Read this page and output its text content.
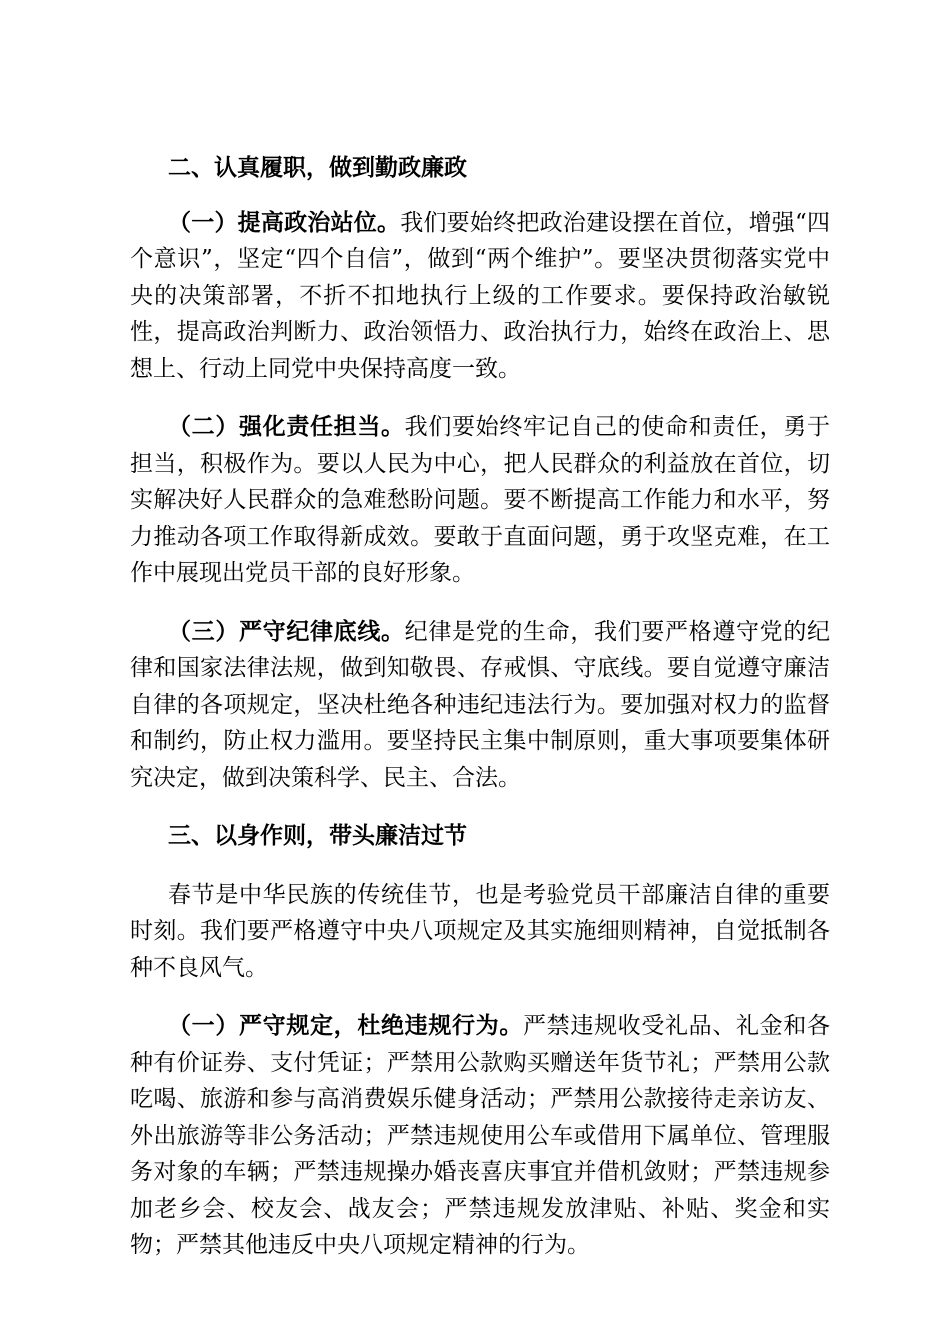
二、认真履职，做到勤政廉政

（一）提高政治站位。我们要始终把政治建设摆在首位，增强“四个意识”，坚定“四个自信”，做到“两个维护”。要坚决贯彻落实党中央的决策部署，不折不扣地执行上级的工作要求。要保持政治敏锐性，提高政治判断力、政治领悟力、政治执行力，始终在政治上、思想上、行动上同党中央保持高度一致。

（二）强化责任担当。我们要始终牢记自己的使命和责任，勇于担当，积极作为。要以人民为中心，把人民群众的利益放在首位，切实解决好人民群众的急难愁盼问题。要不断提高工作能力和水平，努力推动各项工作取得新成效。要敢于直面问题，勇于攻坚克难，在工作中展现出党员干部的良好形象。

（三）严守纪律底线。纪律是党的生命，我们要严格遵守党的纪律和国家法律法规，做到知敬畏、存戒惧、守底线。要自觉遵守廉洁自律的各项规定，坚决杜绝各种违纪违法行为。要加强对权力的监督和制约，防止权力滥用。要坚持民主集中制原则，重大事项要集体研究决定，做到决策科学、民主、合法。

三、以身作则，带头廉洁过节

春节是中华民族的传统佳节，也是考验党员干部廉洁自律的重要时刻。我们要严格遵守中央八项规定及其实施细则精神，自觉抵制各种不良风气。

（一）严守规定，杜绝违规行为。严禁违规收受礼品、礼金和各种有价证券、支付凭证；严禁用公款购买赠送年货节礼；严禁用公款吃喝、旅游和参与高消费娱乐健身活动；严禁用公款接待走亲访友、外出旅游等非公务活动；严禁违规使用公车或借用下属单位、管理服务对象的车辆；严禁违规操办婚丧喜庆事宜并借机敛财；严禁违规参加老乡会、校友会、战友会；严禁违规发放津贴、补贴、奖金和实物；严禁其他违反中央八项规定精神的行为。
